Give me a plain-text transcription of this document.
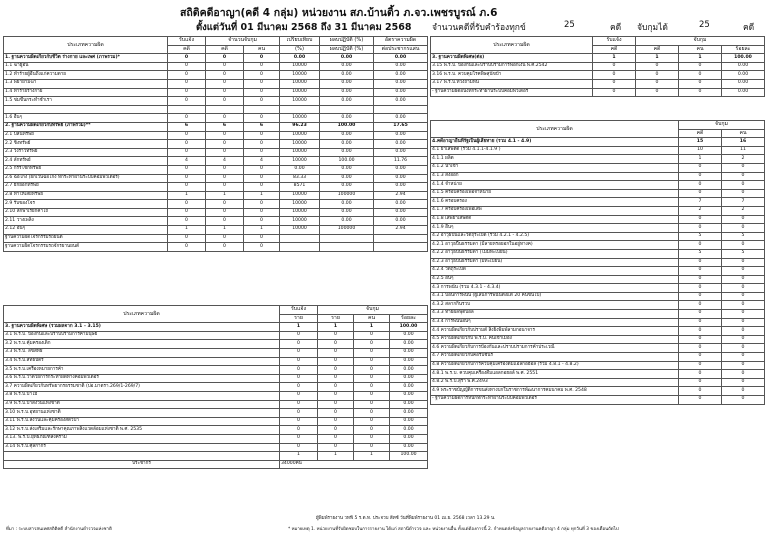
สถิติคดีอาญา(คดี 4 กลุ่ม) หน่วยงาน สภ.บ้านติ้ว ภ.จว.เพชรบูรณ์ ภ.6
ตั้งแต่วันที่ 01 มีนาคม 2568 ถึง 31 มีนาคม 2568 จำนวนคดีที่รับคำร้องทุกข์	25	คดี จับกุมได้	25	คดี
ประเภทความผิด	รับแจ้ง	จำนวนจับกุม		เปรียบเทียบ	ผลบปฏิบัติ (%)	อัตราความผิด
	คดี	คดี	คน	(%)	ผลบปฏิบัติ (%)	ต่อประชากรแสน
1. ฐานความผิดเกี่ยวกับชีวิต ร่างกาย และเพศ (ภาพรวม)*	0	0	0	0.00	0.00	0.00
1.1 ฆ่าผู้อื่น	0	0	0	10000	0.00	0.00
1.2 ทำร้ายผู้อื่นถึงแก่ความตาย	0	0	0	10000	0.00	0.00
1.3 พยายามฆ่า	0	0	0	10000	0.00	0.00
1.4 ทำร้ายร่างกาย	0	0	0	10000	0.00	0.00
1.5 ข่มขืนกระทำชำเรา	0	0	0	10000	0.00	0.00

1.6 อื่นๆ	0	0	0	10000	0.00	0.00
2. ฐานความผิดเกี่ยวกับทรัพย์ (ภาพรวม)**	6	6	6	96.23	100.00	17.65
2.1 ปล้นทรัพย์	0	0	0	10000	0.00	0.00
2.2 ชิงทรัพย์	0	0	0	10000	0.00	0.00
2.3 วิ่งราวทรัพย์	0	0	0	10000	0.00	0.00
2.4 ลักทรัพย์	4	4	4	10000	100.00	11.76
2.5 กรรโชกทรัพย์	0	0	0	0.00	0.00	0.00
2.6 ฉ้อโกง (ยกเว้นฉ้อโกง ที่กระทำผ่านระบบคอมพิวเตอร์)	0	0	0	83.33	0.00	0.00
2.7 ยักยอกทรัพย์	0	0	0	8571	0.00	0.00
2.8 ทำให้เสียทรัพย์	1	1	1	10000	100000	2.94
2.9 รับของโจร	0	0	0	10000	0.00	0.00
2.10 ลักพาเรียกค่าไถ่	0	0	0	10000	0.00	0.00
2.11 วางเพลิง	0	0	0	10000	0.00	0.00
2.12 อื่นๆ	1	1	1	10000	100000	2.94
ฐานความผิดโจรกรรมรถยนต์	0	0	0			
ฐานความผิดโจรกรรมรถจักรยานยนต์	0	0	0			
ประเภทความผิด	รับแจ้ง	จับกุม		
	ราย	ราย	คน	ร้อยละ
3. ฐานความผิดพิเศษ (รวมผลจาก 3.1 - 3.15)	1	1	1	100.00
3.1 พ.ร.บ. ป้องกันและปราบปรามการค้ามนุษย์	0	0	0	0.00
3.2 พ.ร.บ.คุ้มครองเด็ก	0	0	0	0.00
3.3 พ.ร.บ. ลิขสิทธิ์	0	0	0	0.00
3.4 พ.ร.บ.สิทธิบัตร	0	0	0	0.00
3.5 พ.ร.บ.เครื่องหมายการค้า	0	0	0	0.00
3.6 พ.ร.บ.ว่าด้วยการกระทำผิดทางคอมพิวเตอร์	0	0	0	0.00
3.7 ความผิดเกี่ยวกับทรัพยากรธรรมชาติ (ปอ.มาตรา.269/1-269/7)	0	0	0	0.00
3.8 พ.ร.บ.ป่าไม้	0	0	0	0.00
3.9 พ.ร.บ.ป่าสงวนแห่งชาติ	0	0	0	0.00
3.10 พ.ร.บ.อุทยานแห่งชาติ	0	0	0	0.00
3.11 พ.ร.บ.สงวนและคุ้มครองสัตว์ป่า	0	0	0	0.00
3.12 พ.ร.บ.ส่งเสริมและรักษาคุณภาพสิ่งแวดล้อมแห่งชาติ พ.ศ. 2535	0	0	0	0.00
3.13. พ.ร.บ.ยุทธภัณฑ์สงคราม	0	0	0	0.00
3.14 พ.ร.บ.ศุลกากร	0	0	0	0.00
	1	1	1	100.00
ประชากร	34000คน			
ประเภทความผิด	รับแจ้ง	จับกุม		
	คดี	คดี	คน	ร้อยละ
3. ฐานความผิดพิเศษ(ต่อ)	1	1	1	100.00
3.15 พ.ร.บ. ป้องกันและปราบปรามการฟอกเงิน พ.ศ.2542	0	0	0	0.00
3.16 พ.ร.บ. ควบคุมโรคพิษสุนัขบ้า	0	0	0	0.00
3.17 พ.ร.บ.ทวงถามหนี้	0	0	0	0.00
- ฐานความผิดอนึ่งที่กระทำผ่านระบบคอมพิวเตอร์	0	0	0	0.00
ประเภทความผิด	จับกุม	
	คดี	คน
4.คดีอาญาอื่นที่รัฐเป็นผู้เสียหาย (รวม 4.1 - 4.9)	15	16
4.1 ยาเสพติด (รวม 4.1.1-4.1.9 )	10	11
4.1.1 ผลิต	1	2
4.1.2 นำเข้า	0	0
4.1.3 ส่งออก	0	0
4.1.4 จำหน่าย	0	0
4.1.5 ครอบครองเพื่อจำหน่าย	0	0
4.1.6 ครอบครอง	7	7
4.1.7 ครอบครองเพื่อเสพ	2	2
4.1.8 เสพยาเสพติด	0	0
4.1.9 อื่นๆ	0	0
4.2 อาวุธปืนและวัตถุระเบิด (รวม 4.2.1 - 4.2.5)	5	5
4.2.1 อาวุธปืนธรรมดา (มีลายหรอยอกในอยู่ทางค)	0	0
4.2.2 อาวุธปืนธรรมดา (ไม่มีทะเบียน)	5	5
4.2.3 อาวุธปืนธรรมดา (มีทะเบียน)	0	0
4.2.4 วัตถุระเบิด	0	0
4.2.5 อื่นๆ	0	0
4.3 การพนัน (รวม 4.3.1 - 4.3.4)	0	0
4.3.1 บ่อนการพนัน (ผู้เล่นการพนันตั้งแต่ 20 คนขึ้นไป)	0	0
4.3.2 สลากกินรวบ	0	0
4.3.3 ทายผลฟุตบอล	0	0
4.3.4 การพนันอื่นๆ	0	0
4.4 ความผิดเกี่ยวกับปรามต์ สิ่งยิ่งพิมพ์ลามกอนาจาร	0	0
4.5 ความผิดเกี่ยวกับ พ.ร.บ. คนเข้าเมือง	0	0
4.6 ความผิดเกี่ยวกับการป้องกันและปราบปรามการค้าประเวณี	0	0
4.7 ความผิดเกี่ยวกับคอรัปชั่นร	0	0
4.8 ความผิดเกี่ยวกับการควบคุมเครื่องดื่มแอลกอฮอล์ (รวม 4.8.1 - 4.8.2)	0	0
4.8.1 พ.ร.บ. ควบคุมเครื่องดื่มแอลกอฮอล์ พ.ศ. 2551	0	0
4.8.2 พ.ร.บ.สุรา พ.ศ.2493	0	0
4.9 พระราชบัญญัติการขนส่งทางบกในราชการพัฒนาการคมนาคม พ.ศ. 2548	0	0
- ฐานความผิดการหนักที่กระทำผ่านระบบคอมพิวเตอร์	0	0
ผู้พิมพ์รายงาน วทฟี 5 ร.ต.ท. ประจวบ ลีทซ์ วันที่พิมพ์รายงาน 01 เม.ย. 2568 เวลา 13.29 น.
ที่มา : ระบบสารสนเทศสถิติคดี สำนักงานตำรวจแห่งชาติ	* หมายเหตุ 1. หน่วยงานที่รับผิดชอบในการรายงาน ได้แก่ สถานีตำรวจ และ หน่วยงานอื่น ทั้งแต่ต้องการนี้ 2. กำหนดส่งข้อมูลรายงานคดีอาญา 4 กลุ่ม ทุกวันที่ 3 ของเดือนถัดไป
